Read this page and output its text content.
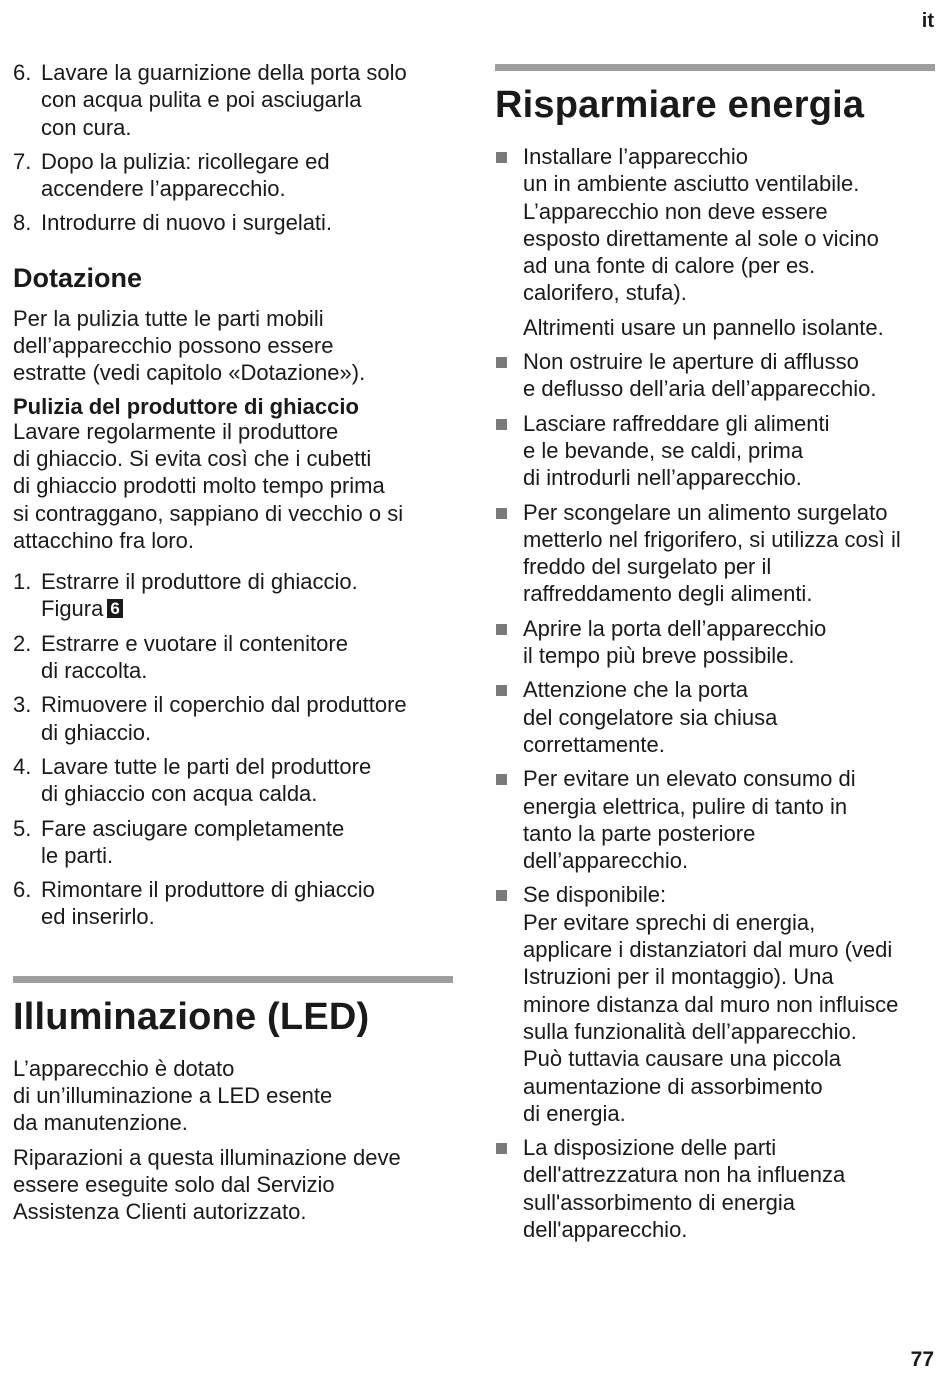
it
6. Lavare la guarnizione della porta solo
con acqua pulita e poi asciugarla
con cura.
7. Dopo la pulizia: ricollegare ed
accendere l’apparecchio.
8. Introdurre di nuovo i surgelati.
Dotazione
Per la pulizia tutte le parti mobili
dell’apparecchio possono essere
estratte (vedi capitolo «Dotazione»).
Pulizia del produttore di ghiaccio
Lavare regolarmente il produttore
di ghiaccio. Si evita così che i cubetti
di ghiaccio prodotti molto tempo prima
si contraggano, sappiano di vecchio o si
attacchino fra loro.
1. Estrarre il produttore di ghiaccio.
Figura 6
2. Estrarre e vuotare il contenitore
di raccolta.
3. Rimuovere il coperchio dal produttore
di ghiaccio.
4. Lavare tutte le parti del produttore
di ghiaccio con acqua calda.
5. Fare asciugare completamente
le parti.
6. Rimontare il produttore di ghiaccio
ed inserirlo.
Illuminazione (LED)
L’apparecchio è dotato
di un’illuminazione a LED esente
da manutenzione.
Riparazioni a questa illuminazione deve
essere eseguite solo dal Servizio
Assistenza Clienti autorizzato.
Risparmiare energia
Installare l’apparecchio
un in ambiente asciutto ventilabile.
L’apparecchio non deve essere
esposto direttamente al sole o vicino
ad una fonte di calore (per es.
calorifero, stufa).
Altrimenti usare un pannello isolante.
Non ostruire le aperture di afflusso
e deflusso dell’aria dell’apparecchio.
Lasciare raffreddare gli alimenti
e le bevande, se caldi, prima
di introdurli nell’apparecchio.
Per scongelare un alimento surgelato
metterlo nel frigorifero, si utilizza così il
freddo del surgelato per il
raffreddamento degli alimenti.
Aprire la porta dell’apparecchio
il tempo più breve possibile.
Attenzione che la porta
del congelatore sia chiusa
correttamente.
Per evitare un elevato consumo di
energia elettrica, pulire di tanto in
tanto la parte posteriore
dell’apparecchio.
Se disponibile:
Per evitare sprechi di energia,
applicare i distanziatori dal muro (vedi
Istruzioni per il montaggio). Una
minore distanza dal muro non influisce
sulla funzionalità dell’apparecchio.
Può tuttavia causare una piccola
aumentazione di assorbimento
di energia.
La disposizione delle parti
dell'attrezzatura non ha influenza
sull'assorbimento di energia
dell'apparecchio.
77
